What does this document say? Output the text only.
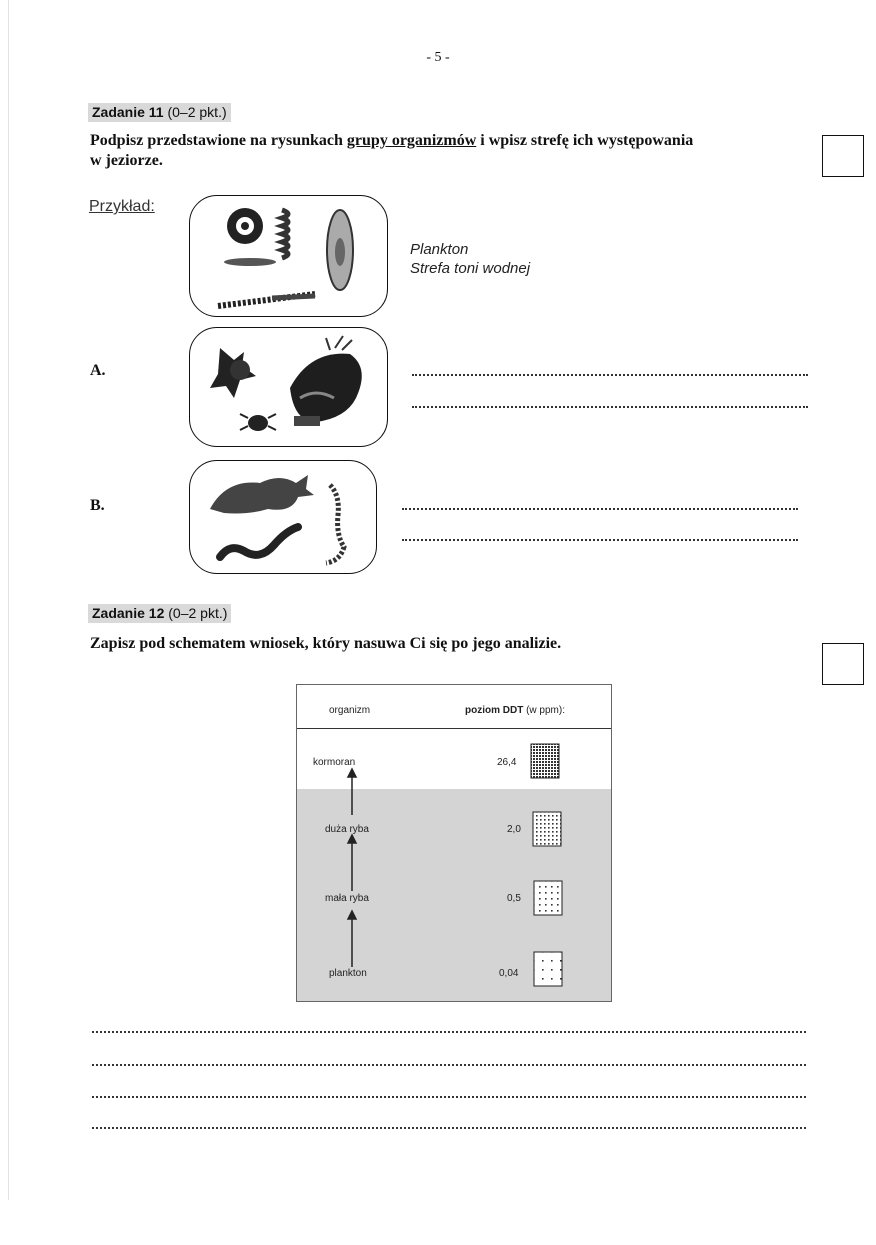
- 5 -
Zadanie 11 (0–2 pkt.)
Podpisz przedstawione na rysunkach grupy organizmów i wpisz strefę ich występowania
w jeziorze.
Przykład:
Plankton
Strefa toni wodnej
A.
B.
Zadanie 12 (0–2 pkt.)
Zapisz pod schematem wniosek, który nasuwa Ci się po jego analizie.
organizm	poziom DDT (w ppm):
kormoran	26,4
duża ryba	2,0
mała ryba	0,5
plankton	0,04
